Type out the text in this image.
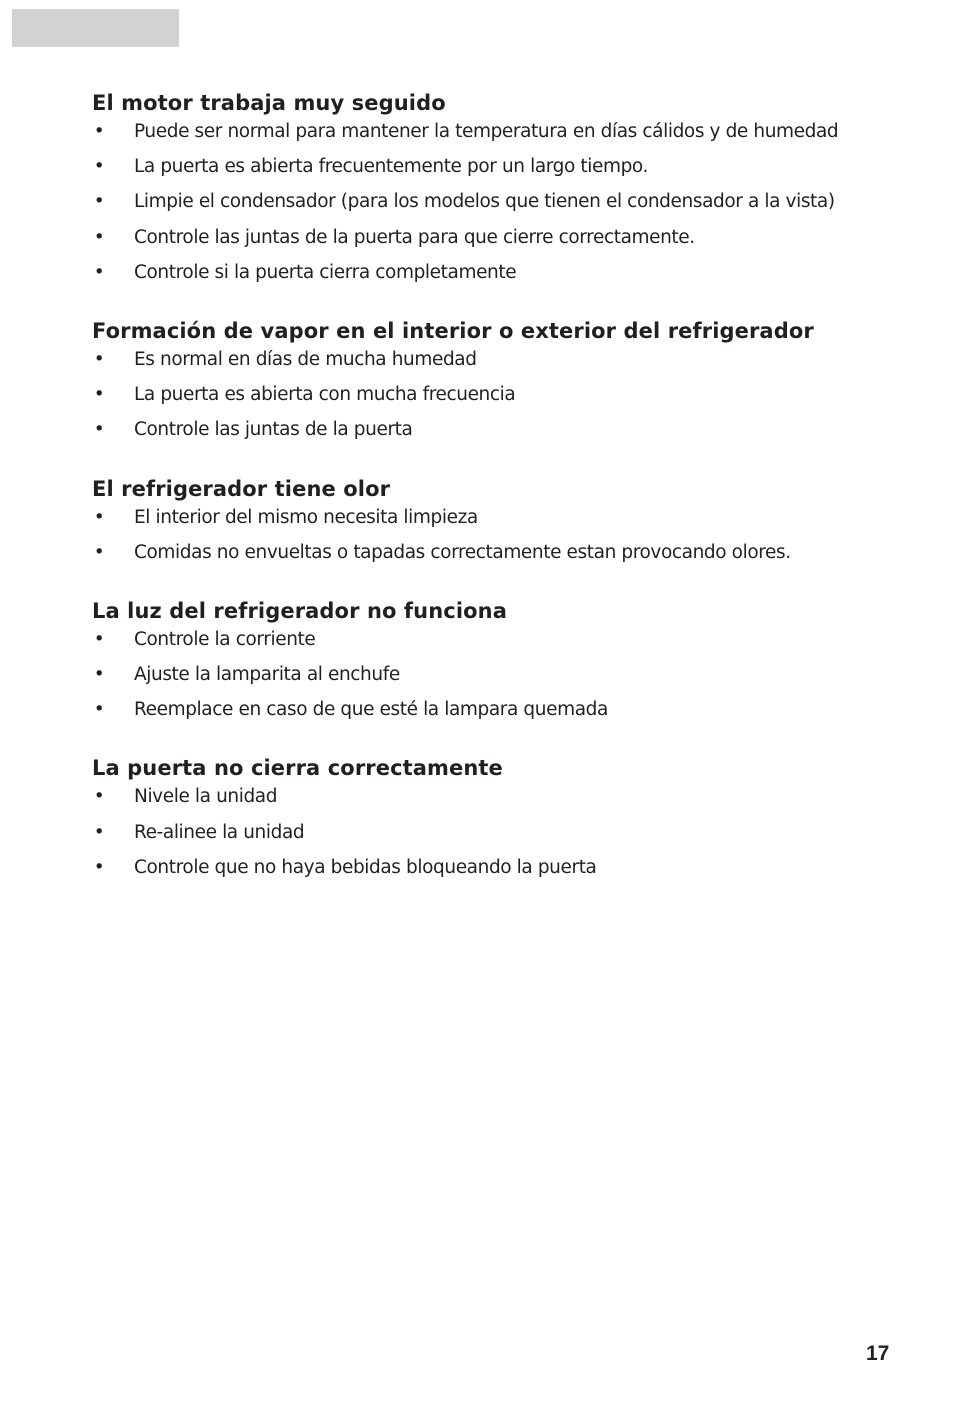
El motor trabaja muy seguido
• Puede ser normal para mantener la temperatura en días cálidos y de humedad
• La puerta es abierta frecuentemente por un largo tiempo.
• Limpie el condensador (para los modelos que tienen el condensador a la vista)
• Controle las juntas de la puerta para que cierre correctamente.
• Controle si la puerta cierra completamente
Formación de vapor en el interior o exterior del refrigerador
• Es normal en días de mucha humedad
• La puerta es abierta con mucha frecuencia
• Controle las juntas de la puerta
El refrigerador tiene olor
• El interior del mismo necesita limpieza
• Comidas no envueltas o tapadas correctamente estan provocando olores.
La luz del refrigerador no funciona
• Controle la corriente
• Ajuste la lamparita al enchufe
• Reemplace en caso de que esté la lampara quemada
La puerta no cierra correctamente
• Nivele la unidad
• Re-alinee la unidad
• Controle que no haya bebidas bloqueando la puerta
17
